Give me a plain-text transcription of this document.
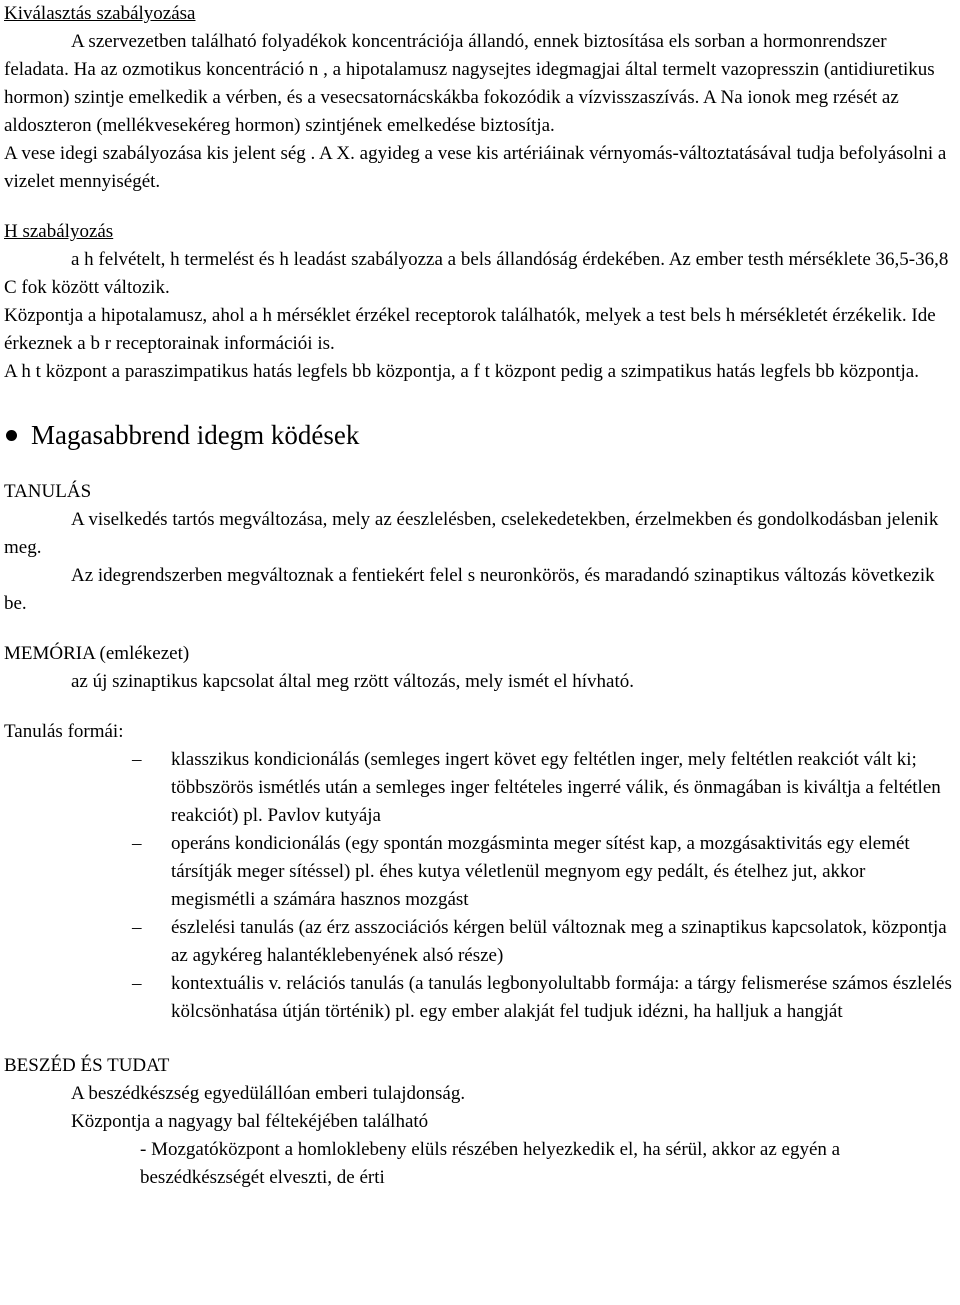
Kiválasztás szabályozása

A szervezetben található folyadékok koncentrációja állandó, ennek biztosítása els sorban a hormonrendszer feladata. Ha az ozmotikus koncentráció n , a hipotalamusz nagysejtes idegmagjai által termelt vazopresszin (antidiuretikus hormon) szintje emelkedik a vérben, és a vesecsatornácskákba fokozódik a vízvisszaszívás. A Na ionok meg rzését az aldoszteron (mellékvesekéreg hormon) szintjének emelkedése biztosítja.

A vese idegi szabályozása kis jelent ség . A X. agyideg a vese kis artériáinak vérnyomás-változtatásával tudja befolyásolni a vizelet mennyiségét.

H szabályozás

a h felvételt, h termelést és h leadást szabályozza a bels állandóság érdekében. Az ember testh mérséklete 36,5-36,8 C fok között változik.

Központja a hipotalamusz, ahol a h mérséklet érzékel receptorok találhatók, melyek a test bels h mérsékletét érzékelik. Ide érkeznek a b r receptorainak információi is.

A h t központ a paraszimpatikus hatás legfels bb központja, a f t központ pedig a szimpatikus hatás legfels bb központja.

Magasabbrend idegm ködések

TANULÁS

A viselkedés tartós megváltozása, mely az éeszlelésben, cselekedetekben, érzelmekben és gondolkodásban jelenik meg.

Az idegrendszerben megváltoznak a fentiekért felel s neuronkörös, és maradandó szinaptikus változás következik be.

MEMÓRIA (emlékezet)

az új szinaptikus kapcsolat által meg rzött változás, mely ismét el hívható.

Tanulás formái:

– klasszikus kondicionálás (semleges ingert követ egy feltétlen inger, mely feltétlen reakciót vált ki; többszörös ismétlés után a semleges inger feltételes ingerré válik, és önmagában is kiváltja a feltétlen reakciót) pl. Pavlov kutyája
– operáns kondicionálás (egy spontán mozgásminta meger sítést kap, a mozgásaktivitás egy elemét társítják meger sítéssel) pl. éhes kutya véletlenül megnyom egy pedált, és ételhez jut, akkor megismétli a számára hasznos mozgást
– észlelési tanulás (az érz asszociációs kérgen belül változnak meg a szinaptikus kapcsolatok, központja az agykéreg halantéklebenyének alsó része)
– kontextuális v. relációs tanulás (a tanulás legbonyolultabb formája: a tárgy felismerése számos észlelés kölcsönhatása útján történik) pl. egy ember alakját fel tudjuk idézni, ha halljuk a hangját

BESZÉD ÉS TUDAT

A beszédkészség egyedülállóan emberi tulajdonság.

Központja a nagyagy bal féltekéjében található

- Mozgatóközpont a homloklebeny elüls részében helyezkedik el, ha sérül, akkor az egyén a beszédkészségét elveszti, de érti
